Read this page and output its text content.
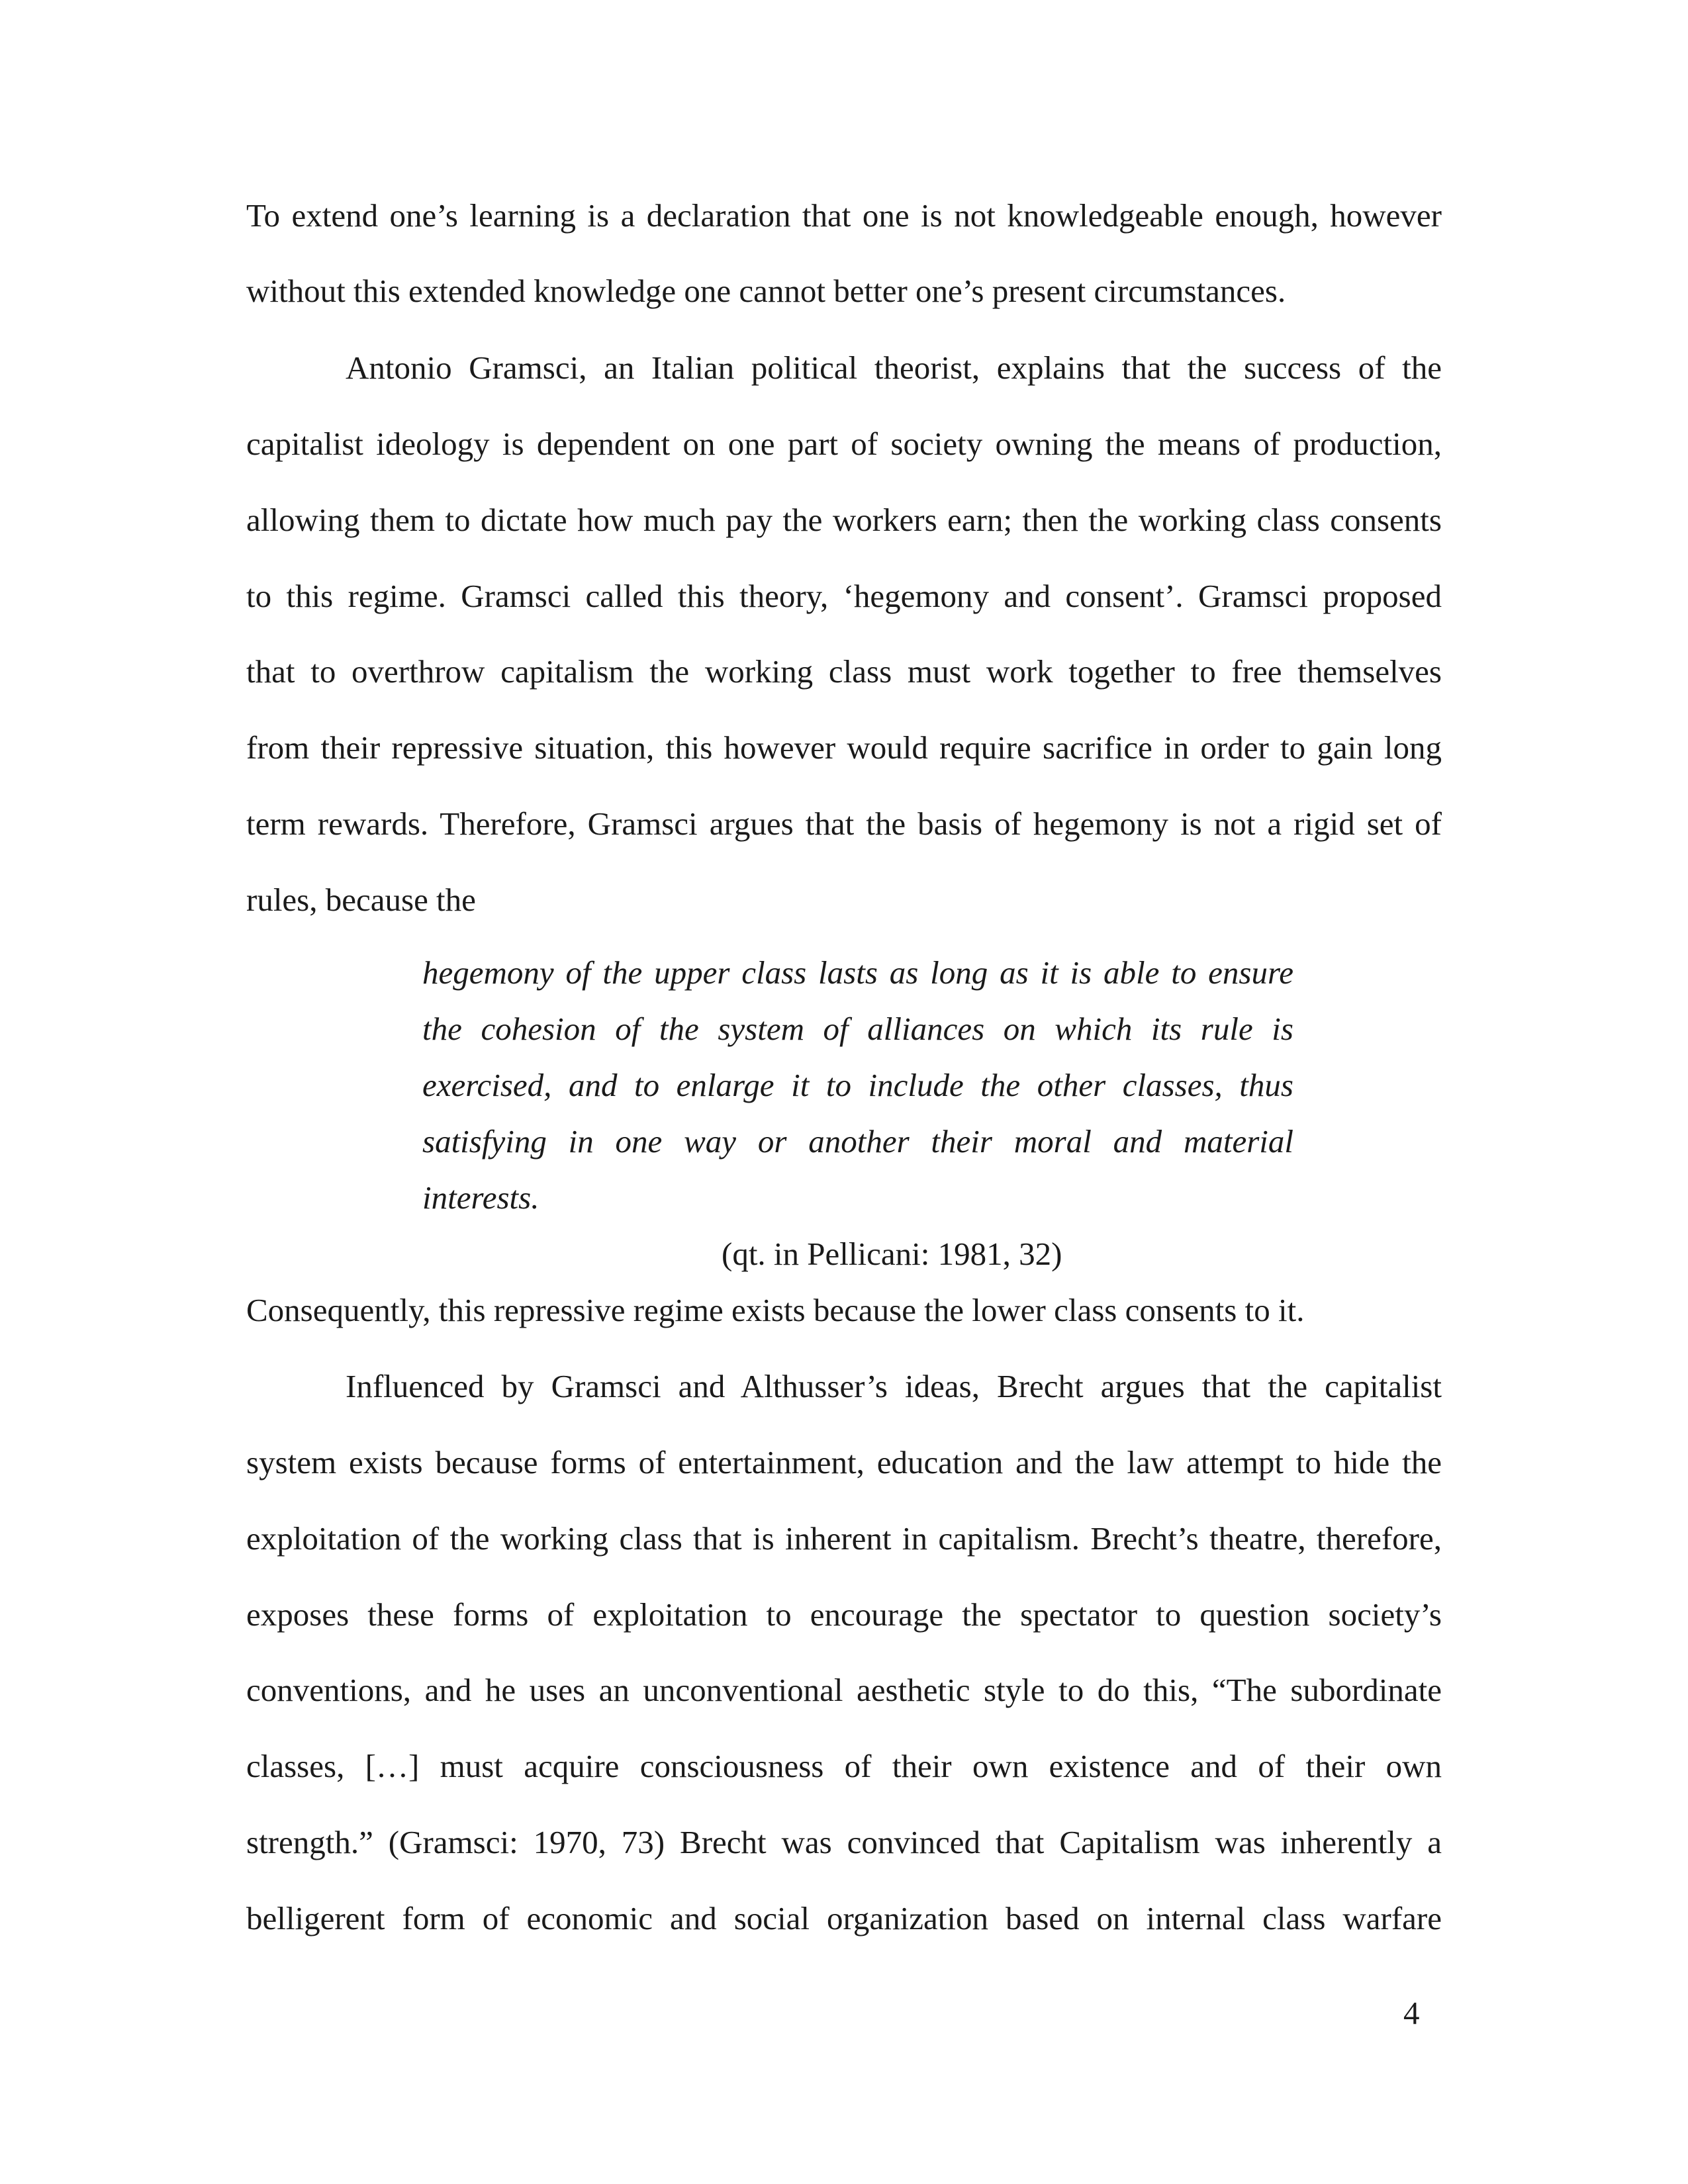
To extend one’s learning is a declaration that one is not knowledgeable enough, however
without this extended knowledge one cannot better one’s present circumstances.
Antonio Gramsci, an Italian political theorist, explains that the success of the
capitalist ideology is dependent on one part of society owning the means of production,
allowing them to dictate how much pay the workers earn; then the working class consents
to this regime. Gramsci called this theory, ‘hegemony and consent’. Gramsci proposed
that to overthrow capitalism the working class must work together to free themselves
from their repressive situation, this however would require sacrifice in order to gain long
term rewards. Therefore, Gramsci argues that the basis of hegemony is not a rigid set of
rules, because the
hegemony of the upper class lasts as long as it is able to ensure
the cohesion of the system of alliances on which its rule is
exercised, and to enlarge it to include the other classes, thus
satisfying in one way or another their moral and material
interests.
(qt. in Pellicani: 1981, 32)
Consequently, this repressive regime exists because the lower class consents to it.
Influenced by Gramsci and Althusser’s ideas, Brecht argues that the capitalist
system exists because forms of entertainment, education and the law attempt to hide the
exploitation of the working class that is inherent in capitalism. Brecht’s theatre, therefore,
exposes these forms of exploitation to encourage the spectator to question society’s
conventions, and he uses an unconventional aesthetic style to do this, “The subordinate
classes, […] must acquire consciousness of their own existence and of their own
strength.” (Gramsci: 1970, 73) Brecht was convinced that Capitalism was inherently a
belligerent form of economic and social organization based on internal class warfare
4
